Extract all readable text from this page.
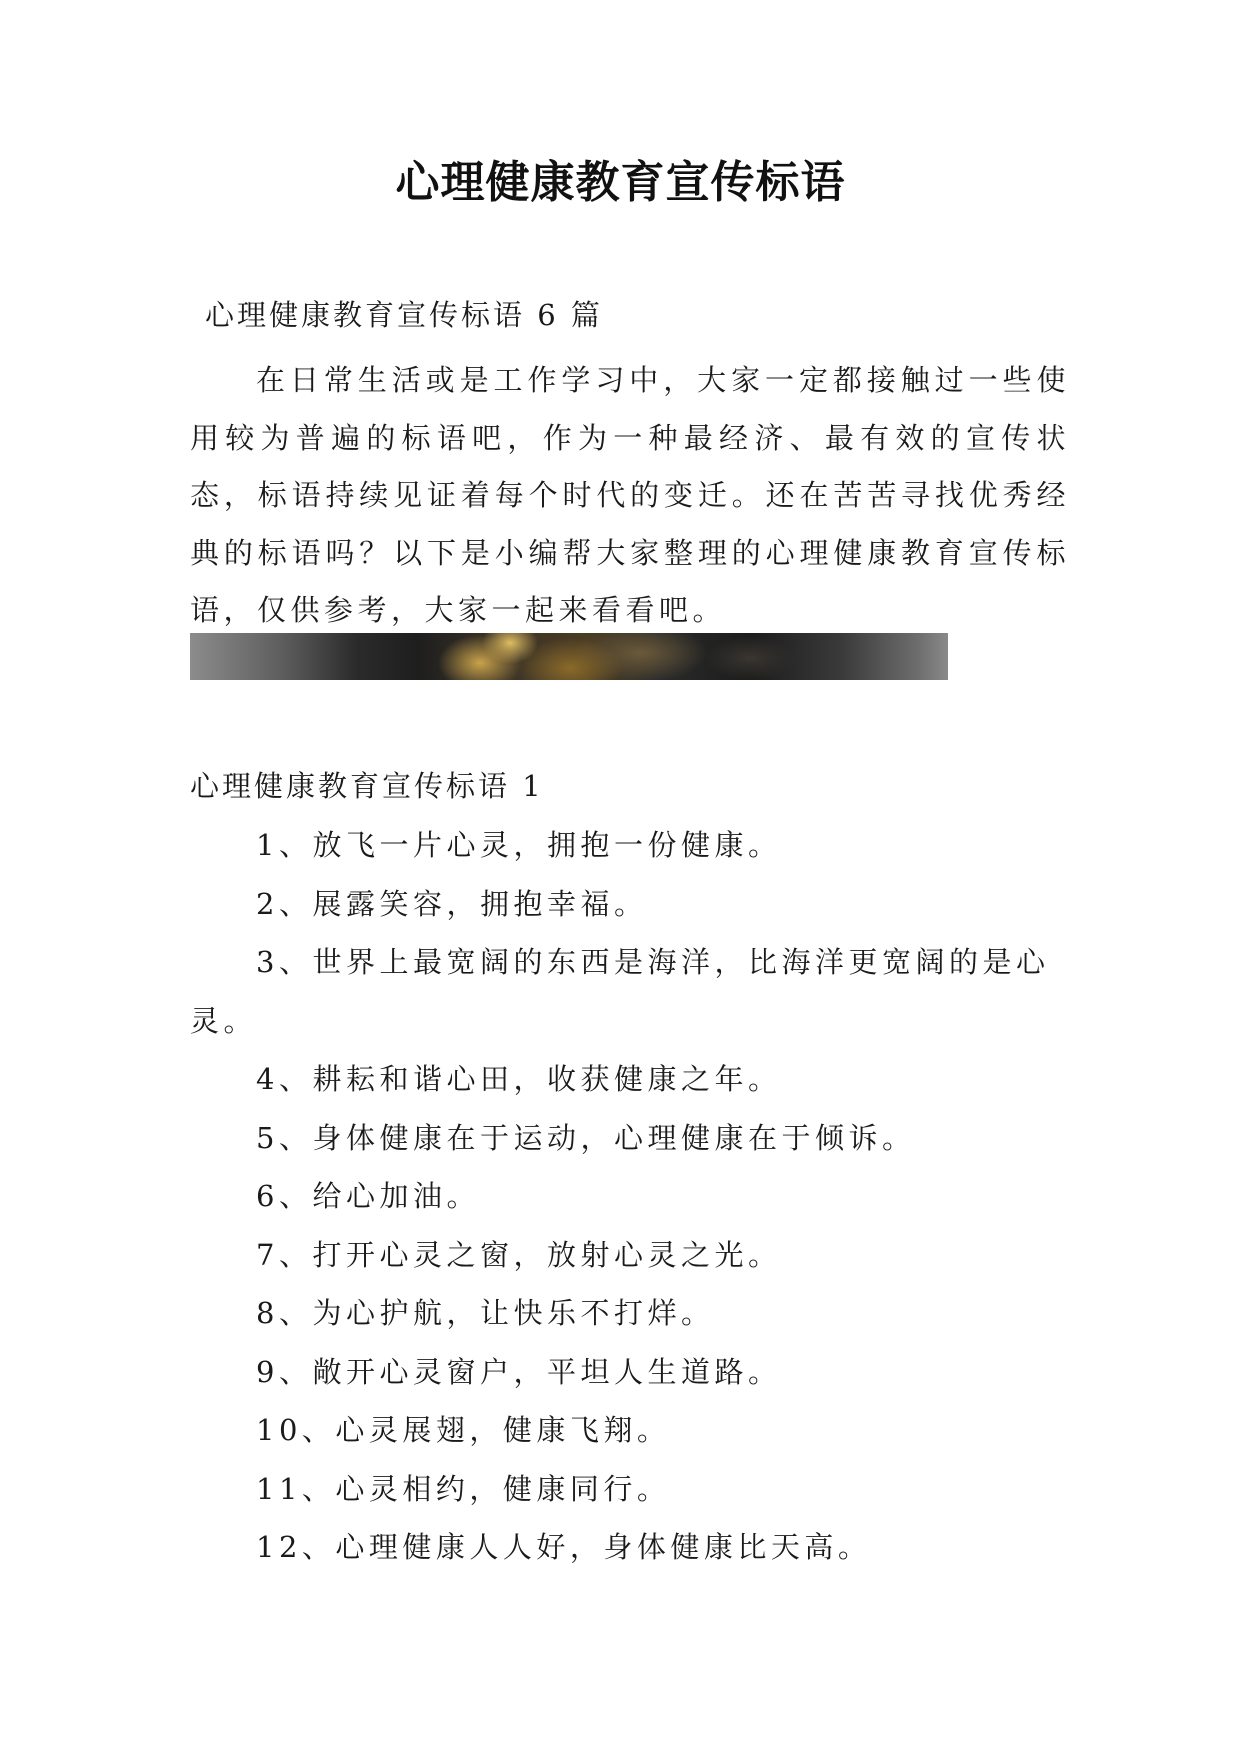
心理健康教育宣传标语
心理健康教育宣传标语 6 篇

在日常生活或是工作学习中，大家一定都接触过一些使用较为普遍的标语吧，作为一种最经济、最有效的宣传状态，标语持续见证着每个时代的变迁。还在苦苦寻找优秀经典的标语吗？以下是小编帮大家整理的心理健康教育宣传标语，仅供参考，大家一起来看看吧。

心理健康教育宣传标语 1
1、放飞一片心灵，拥抱一份健康。
2、展露笑容，拥抱幸福。
3、世界上最宽阔的东西是海洋，比海洋更宽阔的是心灵。
4、耕耘和谐心田，收获健康之年。
5、身体健康在于运动，心理健康在于倾诉。
6、给心加油。
7、打开心灵之窗，放射心灵之光。
8、为心护航，让快乐不打烊。
9、敞开心灵窗户，平坦人生道路。
10、心灵展翅，健康飞翔。
11、心灵相约，健康同行。
12、心理健康人人好，身体健康比天高。
